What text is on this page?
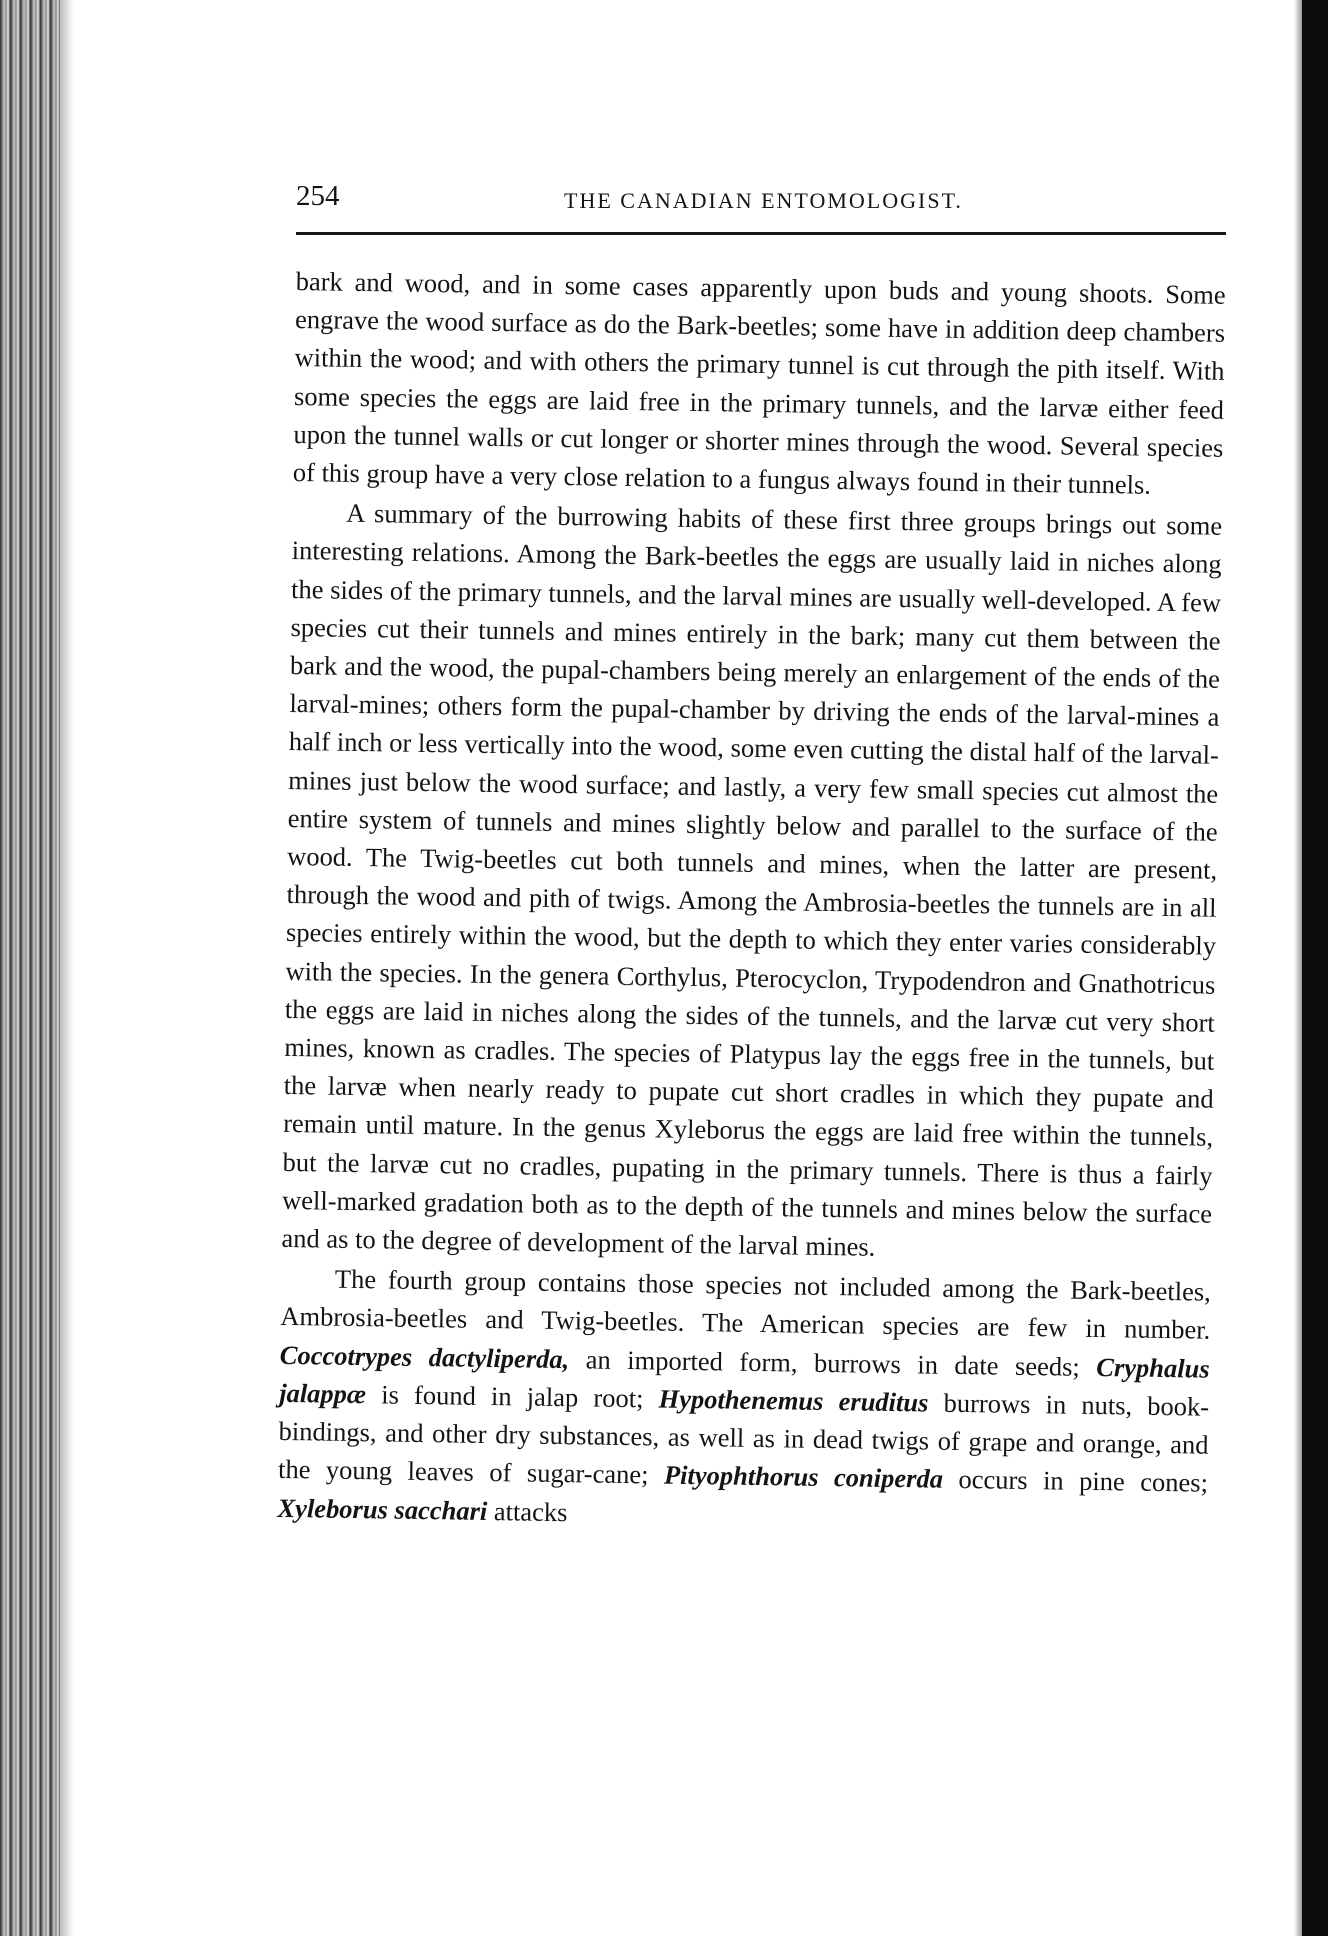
254	THE CANADIAN ENTOMOLOGIST.

bark and wood, and in some cases apparently upon buds and young shoots. Some engrave the wood surface as do the Bark-beetles; some have in addition deep chambers within the wood; and with others the primary tunnel is cut through the pith itself. With some species the eggs are laid free in the primary tunnels, and the larvæ either feed upon the tunnel walls or cut longer or shorter mines through the wood. Several species of this group have a very close relation to a fungus always found in their tunnels.

A summary of the burrowing habits of these first three groups brings out some interesting relations. Among the Bark-beetles the eggs are usually laid in niches along the sides of the primary tunnels, and the larval mines are usually well-developed. A few species cut their tunnels and mines entirely in the bark; many cut them between the bark and the wood, the pupal-chambers being merely an enlargement of the ends of the larval-mines; others form the pupal-chamber by driving the ends of the larval-mines a half inch or less vertically into the wood, some even cutting the distal half of the larval-mines just below the wood surface; and lastly, a very few small species cut almost the entire system of tunnels and mines slightly below and parallel to the surface of the wood. The Twig-beetles cut both tunnels and mines, when the latter are present, through the wood and pith of twigs. Among the Ambrosia-beetles the tunnels are in all species entirely within the wood, but the depth to which they enter varies considerably with the species. In the genera Corthylus, Pterocyclon, Trypodendron and Gnathotricus the eggs are laid in niches along the sides of the tunnels, and the larvæ cut very short mines, known as cradles. The species of Platypus lay the eggs free in the tunnels, but the larvæ when nearly ready to pupate cut short cradles in which they pupate and remain until mature. In the genus Xyleborus the eggs are laid free within the tunnels, but the larvæ cut no cradles, pupating in the primary tunnels. There is thus a fairly well-marked gradation both as to the depth of the tunnels and mines below the surface and as to the degree of development of the larval mines.

The fourth group contains those species not included among the Bark-beetles, Ambrosia-beetles and Twig-beetles. The American species are few in number. Coccotrypes dactyliperda, an imported form, burrows in date seeds; Cryphalus jalappæ is found in jalap root; Hypothenemus eruditus burrows in nuts, book-bindings, and other dry substances, as well as in dead twigs of grape and orange, and the young leaves of sugar-cane; Pityophthorus coniperda occurs in pine cones; Xyleborus sacchari attacks
